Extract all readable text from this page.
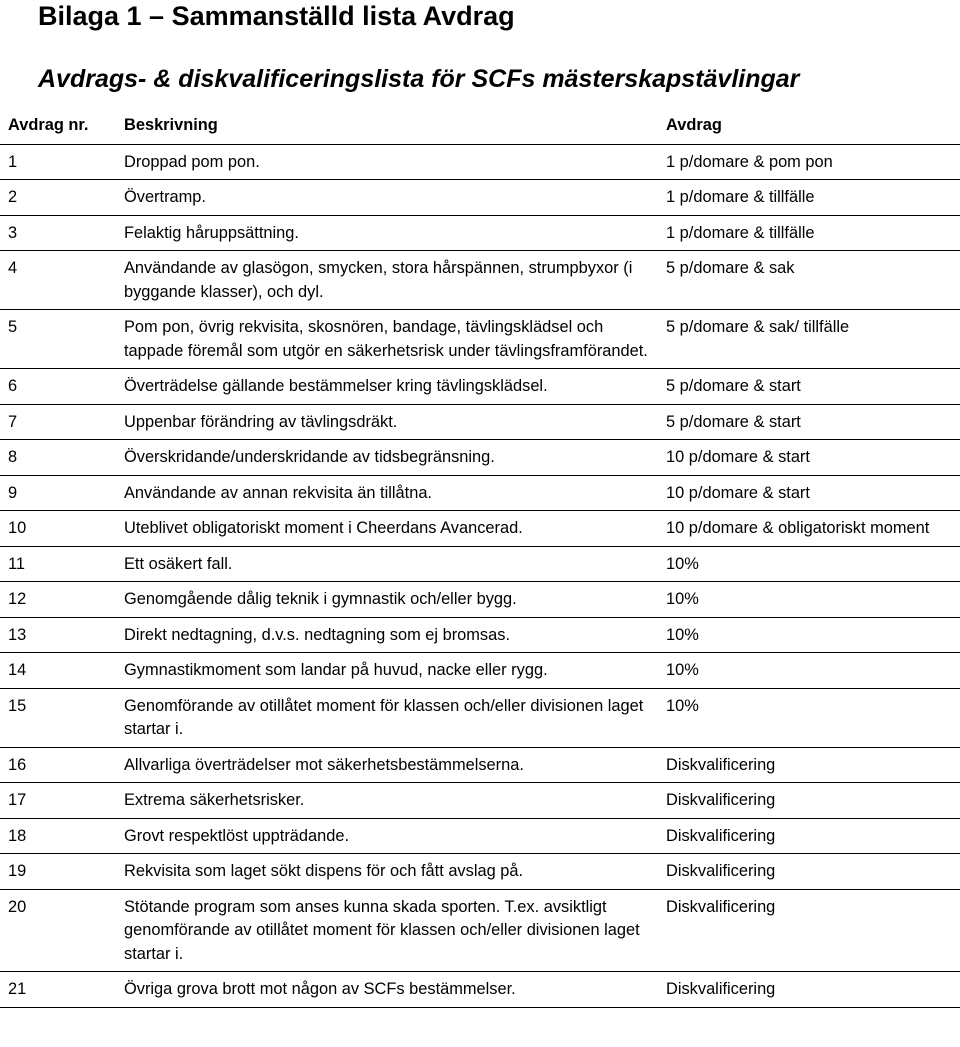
Bilaga 1 – Sammanställd lista Avdrag
Avdrags- & diskvalificeringslista för SCFs mästerskapstävlingar
Avdrag nr.	Beskrivning	Avdrag
1	Droppad pom pon.	1 p/domare & pom pon
2	Övertramp.	1 p/domare & tillfälle
3	Felaktig håruppsättning.	1 p/domare & tillfälle
4	Användande av glasögon, smycken, stora hårspännen, strumpbyxor (i byggande klasser), och dyl.	5 p/domare & sak
5	Pom pon, övrig rekvisita, skosnören, bandage, tävlingsklädsel och tappade föremål som utgör en säkerhetsrisk under tävlingsframförandet.	5 p/domare & sak/ tillfälle
6	Överträdelse gällande bestämmelser kring tävlingsklädsel.	5 p/domare & start
7	Uppenbar förändring av tävlingsdräkt.	5 p/domare & start
8	Överskridande/underskridande av tidsbegränsning.	10 p/domare & start
9	Användande av annan rekvisita än tillåtna.	10 p/domare & start
10	Uteblivet obligatoriskt moment i Cheerdans Avancerad.	10 p/domare & obligatoriskt moment
11	Ett osäkert fall.	10%
12	Genomgående dålig teknik i gymnastik och/eller bygg.	10%
13	Direkt nedtagning, d.v.s. nedtagning som ej bromsas.	10%
14	Gymnastikmoment som landar på huvud, nacke eller rygg.	10%
15	Genomförande av otillåtet moment för klassen och/eller divisionen laget startar i.	10%
16	Allvarliga överträdelser mot säkerhetsbestämmelserna.	Diskvalificering
17	Extrema säkerhetsrisker.	Diskvalificering
18	Grovt respektlöst uppträdande.	Diskvalificering
19	Rekvisita som laget sökt dispens för och fått avslag på.	Diskvalificering
20	Stötande program som anses kunna skada sporten. T.ex. avsiktligt genomförande av otillåtet moment för klassen och/eller divisionen laget startar i.	Diskvalificering
21	Övriga grova brott mot någon av SCFs bestämmelser.	Diskvalificering
